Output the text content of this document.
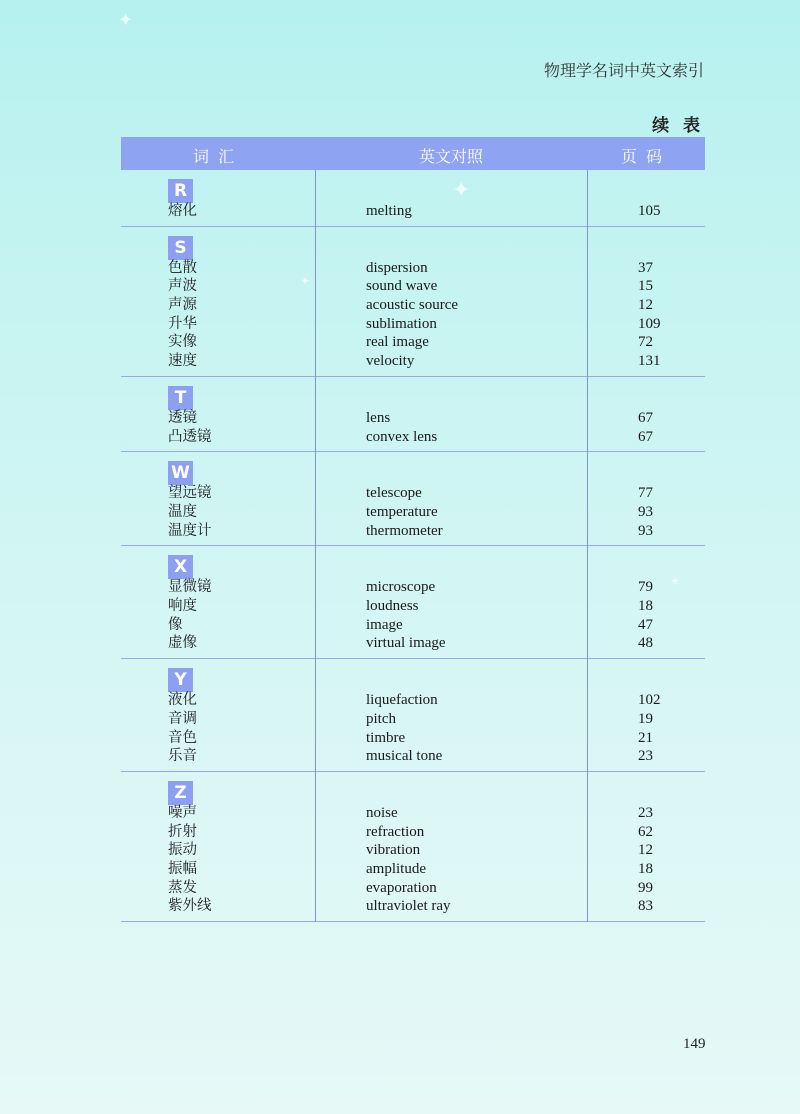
✦
✦
✦
✦
物理学名词中英文索引
续 表
词 汇	英文对照	页 码
R
熔化	melting	105
S
色散	dispersion	37
声波	sound wave	15
声源	acoustic source	12
升华	sublimation	109
实像	real image	72
速度	velocity	131
T
透镜	lens	67
凸透镜	convex lens	67
W
望远镜	telescope	77
温度	temperature	93
温度计	thermometer	93
X
显微镜	microscope	79
响度	loudness	18
像	image	47
虚像	virtual image	48
Y
液化	liquefaction	102
音调	pitch	19
音色	timbre	21
乐音	musical tone	23
Z
噪声	noise	23
折射	refraction	62
振动	vibration	12
振幅	amplitude	18
蒸发	evaporation	99
紫外线	ultraviolet ray	83
149
